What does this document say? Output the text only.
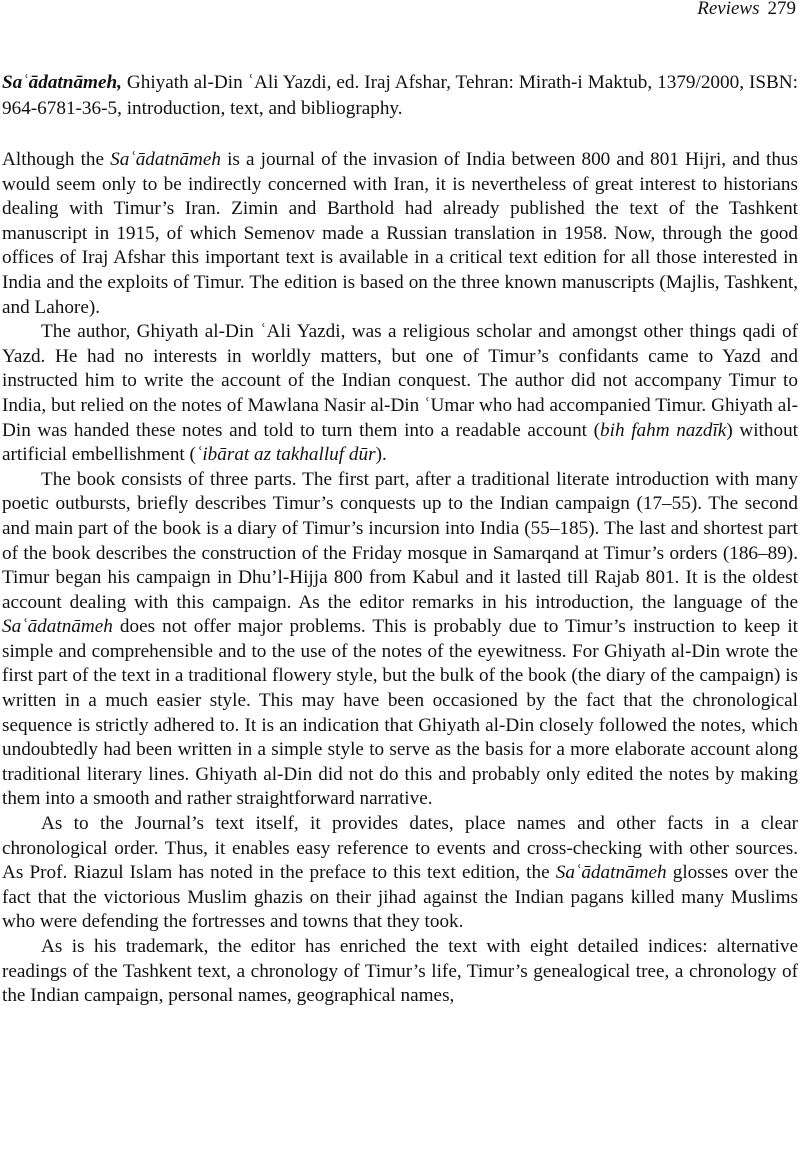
Reviews 279
Saʿādatnāmeh, Ghiyath al-Din ʿAli Yazdi, ed. Iraj Afshar, Tehran: Mirath-i Maktub, 1379/2000, ISBN: 964-6781-36-5, introduction, text, and bibliography.

Although the Saʿādatnāmeh is a journal of the invasion of India between 800 and 801 Hijri, and thus would seem only to be indirectly concerned with Iran, it is nevertheless of great interest to historians dealing with Timur’s Iran. Zimin and Barthold had already published the text of the Tashkent manuscript in 1915, of which Semenov made a Russian translation in 1958. Now, through the good offices of Iraj Afshar this important text is available in a critical text edition for all those interested in India and the exploits of Timur. The edition is based on the three known manuscripts (Majlis, Tashkent, and Lahore).

The author, Ghiyath al-Din ʿAli Yazdi, was a religious scholar and amongst other things qadi of Yazd. He had no interests in worldly matters, but one of Timur’s confidants came to Yazd and instructed him to write the account of the Indian conquest. The author did not accompany Timur to India, but relied on the notes of Mawlana Nasir al-Din ʿUmar who had accompanied Timur. Ghiyath al-Din was handed these notes and told to turn them into a readable account (bih fahm nazdīk) without artificial embellishment (ʿibārat az takhalluf dūr).

The book consists of three parts. The first part, after a traditional literate introduction with many poetic outbursts, briefly describes Timur’s conquests up to the Indian campaign (17–55). The second and main part of the book is a diary of Timur’s incursion into India (55–185). The last and shortest part of the book describes the construction of the Friday mosque in Samarqand at Timur’s orders (186–89). Timur began his campaign in Dhu’l-Hijja 800 from Kabul and it lasted till Rajab 801. It is the oldest account dealing with this campaign. As the editor remarks in his introduction, the language of the Saʿādatnāmeh does not offer major problems. This is probably due to Timur’s instruction to keep it simple and comprehensible and to the use of the notes of the eyewitness. For Ghiyath al-Din wrote the first part of the text in a traditional flowery style, but the bulk of the book (the diary of the campaign) is written in a much easier style. This may have been occasioned by the fact that the chronological sequence is strictly adhered to. It is an indication that Ghiyath al-Din closely followed the notes, which undoubtedly had been written in a simple style to serve as the basis for a more elaborate account along traditional literary lines. Ghiyath al-Din did not do this and probably only edited the notes by making them into a smooth and rather straightforward narrative.

As to the Journal’s text itself, it provides dates, place names and other facts in a clear chronological order. Thus, it enables easy reference to events and cross-checking with other sources. As Prof. Riazul Islam has noted in the preface to this text edition, the Saʿādatnāmeh glosses over the fact that the victorious Muslim ghazis on their jihad against the Indian pagans killed many Muslims who were defending the fortresses and towns that they took.

As is his trademark, the editor has enriched the text with eight detailed indices: alternative readings of the Tashkent text, a chronology of Timur’s life, Timur’s genealogical tree, a chronology of the Indian campaign, personal names, geographical names,
